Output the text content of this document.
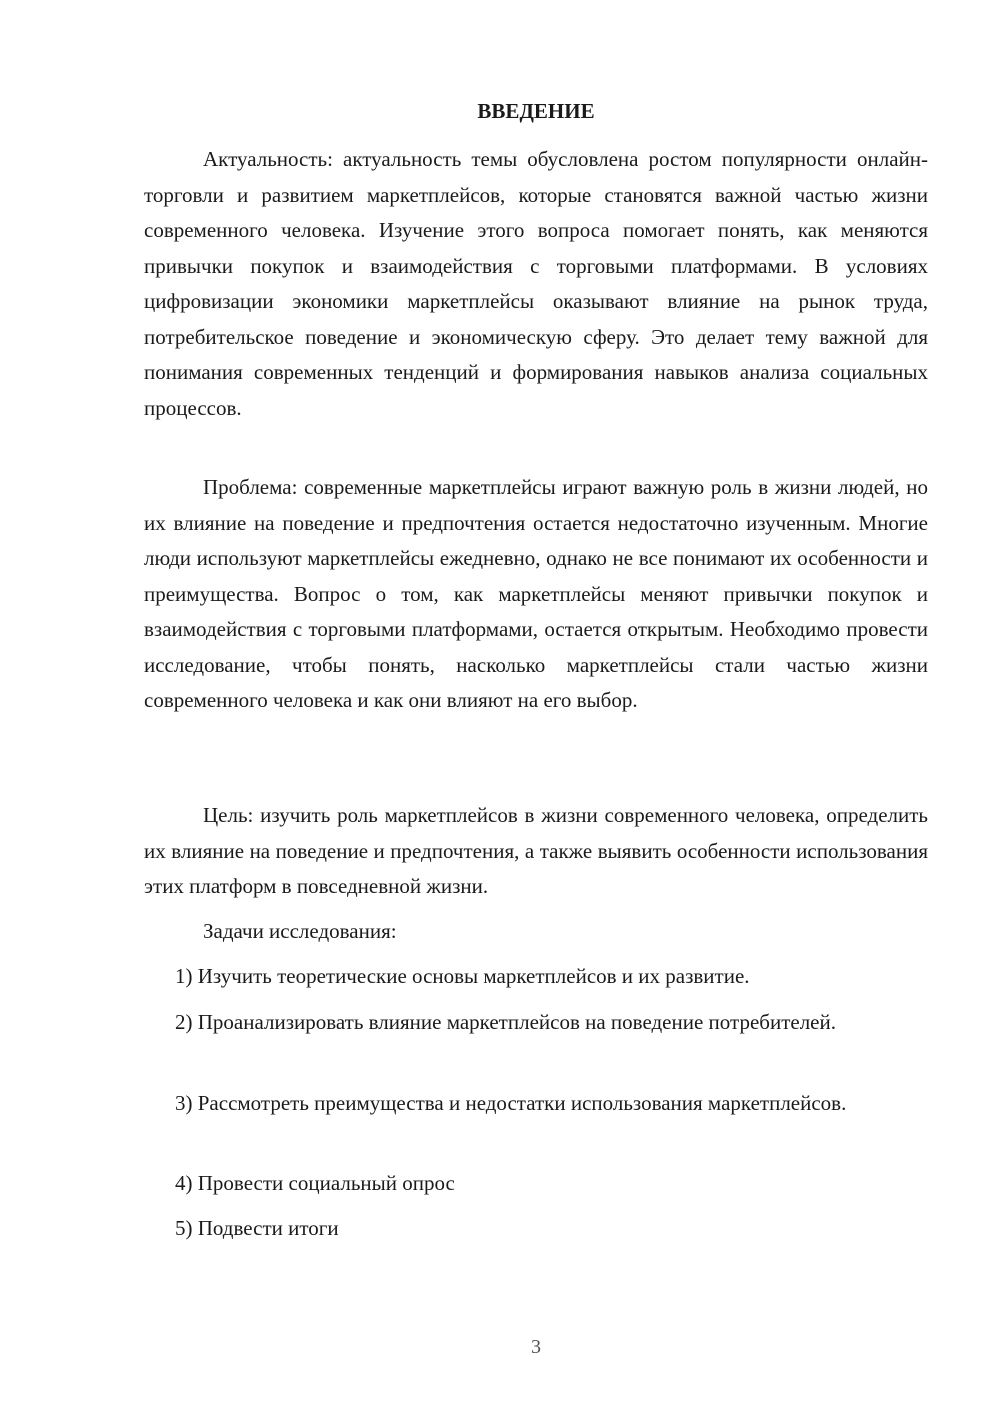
ВВЕДЕНИЕ

Актуальность: актуальность темы обусловлена ростом популярности онлайн-торговли и развитием маркетплейсов, которые становятся важной частью жизни современного человека. Изучение этого вопроса помогает понять, как меняются привычки покупок и взаимодействия с торговыми платформами. В условиях цифровизации экономики маркетплейсы оказывают влияние на рынок труда, потребительское поведение и экономическую сферу. Это делает тему важной для понимания современных тенденций и формирования навыков анализа социальных процессов.

Проблема: современные маркетплейсы играют важную роль в жизни людей, но их влияние на поведение и предпочтения остается недостаточно изученным. Многие люди используют маркетплейсы ежедневно, однако не все понимают их особенности и преимущества. Вопрос о том, как маркетплейсы меняют привычки покупок и взаимодействия с торговыми платформами, остается открытым. Необходимо провести исследование, чтобы понять, насколько маркетплейсы стали частью жизни современного человека и как они влияют на его выбор.

Цель: изучить роль маркетплейсов в жизни современного человека, определить их влияние на поведение и предпочтения, а также выявить особенности использования этих платформ в повседневной жизни.

Задачи исследования:

1) Изучить теоретические основы маркетплейсов и их развитие.

2) Проанализировать влияние маркетплейсов на поведение потребителей.

3) Рассмотреть преимущества и недостатки использования маркетплейсов.

4) Провести социальный опрос

5) Подвести итоги

3
